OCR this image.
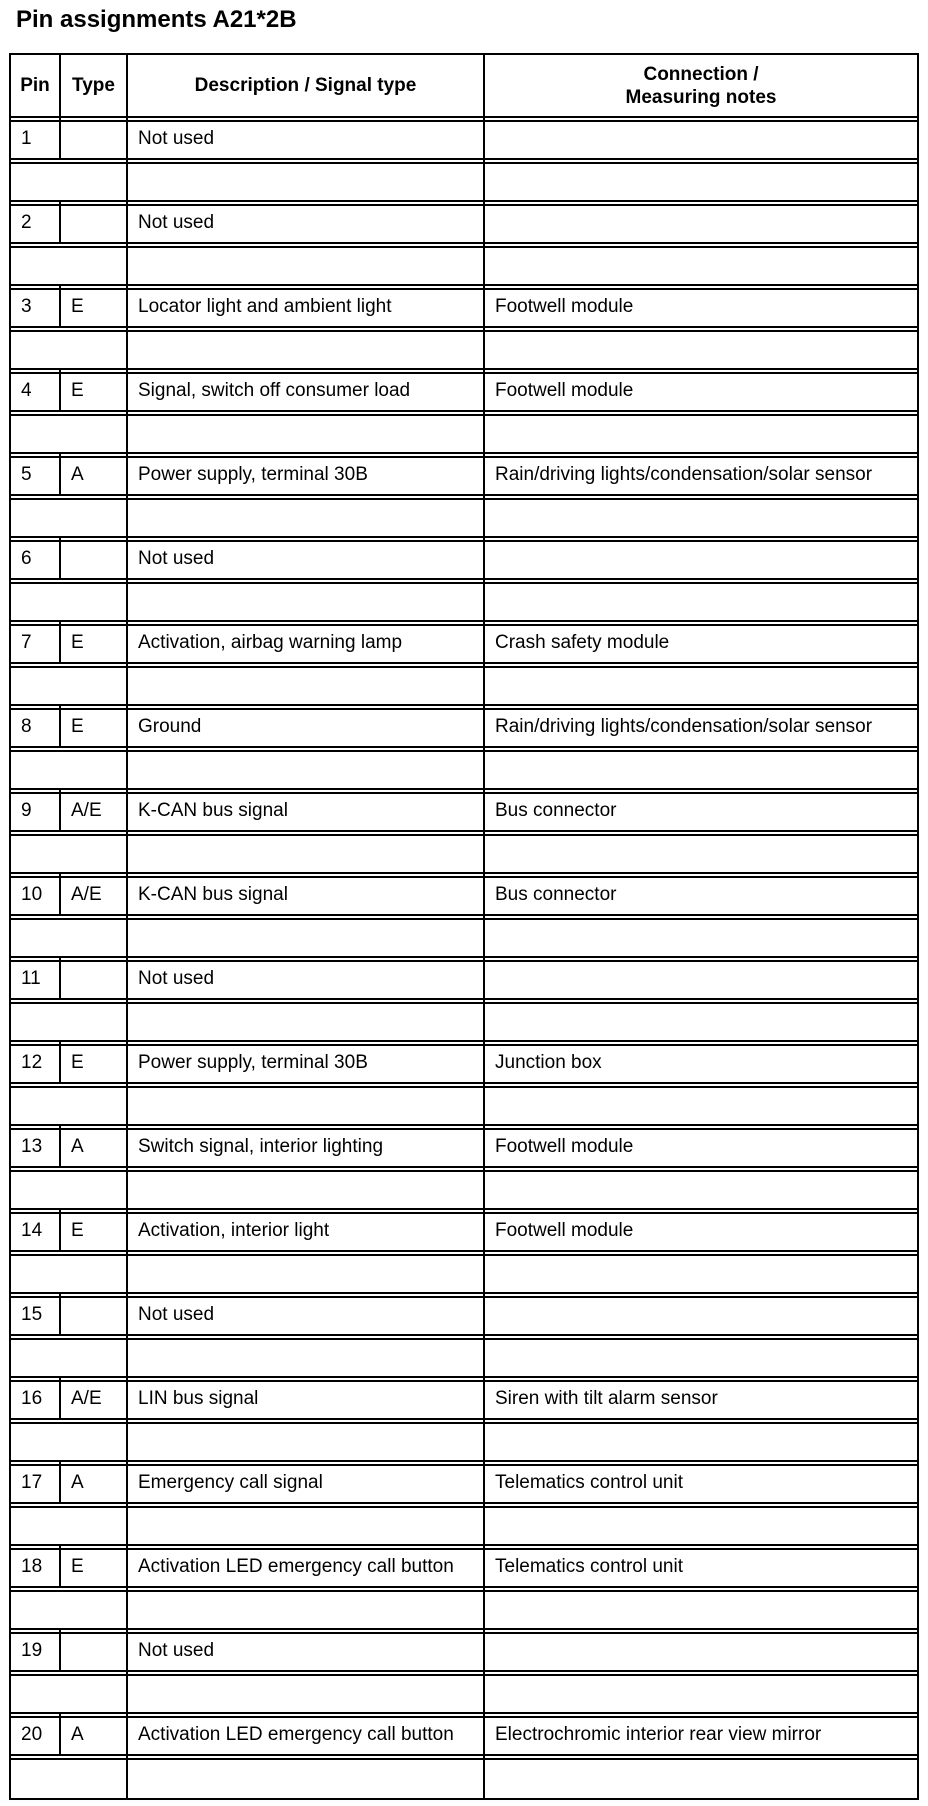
Pin assignments A21*2B
Pin	Type	Description / Signal type	Connection /
Measuring notes
1		Not used	

2		Not used	

3	E	Locator light and ambient light	Footwell module

4	E	Signal, switch off consumer load	Footwell module

5	A	Power supply, terminal 30B	Rain/driving lights/condensation/solar sensor

6		Not used	

7	E	Activation, airbag warning lamp	Crash safety module

8	E	Ground	Rain/driving lights/condensation/solar sensor

9	A/E	K-CAN bus signal	Bus connector

10	A/E	K-CAN bus signal	Bus connector

11		Not used	

12	E	Power supply, terminal 30B	Junction box

13	A	Switch signal, interior lighting	Footwell module

14	E	Activation, interior light	Footwell module

15		Not used	

16	A/E	LIN bus signal	Siren with tilt alarm sensor

17	A	Emergency call signal	Telematics control unit

18	E	Activation LED emergency call button	Telematics control unit

19		Not used	

20	A	Activation LED emergency call button	Electrochromic interior rear view mirror
